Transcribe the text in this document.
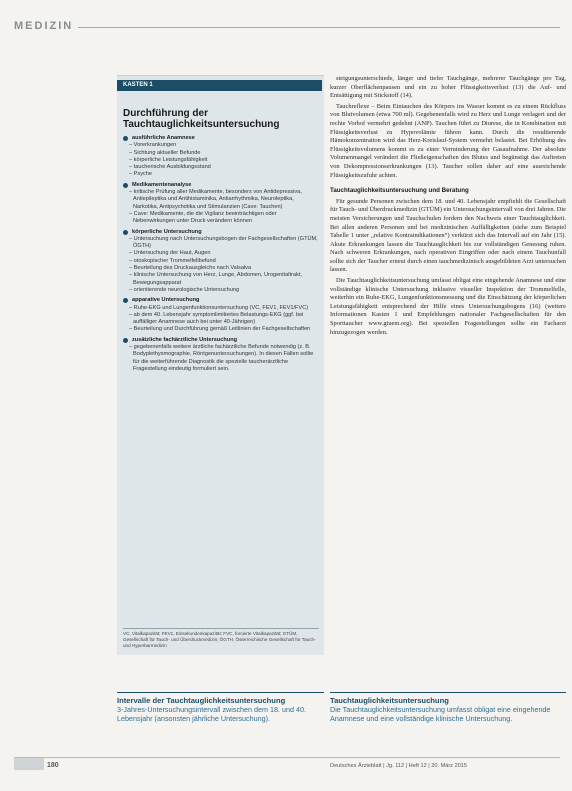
MEDIZIN
KASTEN 1
Durchführung der Tauchtauglichkeitsuntersuchung
ausführliche Anamnese
– Vorerkrankungen
– Sichtung aktueller Befunde
– körperliche Leistungsfähigkeit
– taucherische Ausbildungsstand
– Psyche
Medikamentenanalyse
– kritische Prüfung aller Medikamente, besonders von Antidepressiva, Antiepileptika und Antihistaminika, Antiarrhythmika, Neuroleptika, Narkotika, Antipsychotika und Stimulanzien (Cave: Tauchen)
– Cave: Medikamente, die die Vigilanz beeinträchtigen oder Nebenwirkungen unter Druck verändern können
körperliche Untersuchung
– Untersuchung nach Untersuchungsbogen der Fachgesellschaften (GTÜM, ÖGTH)
– Untersuchung der Haut, Augen
– otoskopischer Trommelfellbefund
– Beurteilung des Druckausgleichs nach Valsalva
– klinische Untersuchung von Herz, Lunge, Abdomen, Urogenitaltrakt, Bewegungsapparat
– orientierende neurologische Untersuchung
apparative Untersuchung
– Ruhe-EKG und Lungenfunktionsuntersuchung (VC, FEV1, FEV1/FVC)
– ab dem 40. Lebensjahr symptomlimitiertes Belastungs-EKG (ggf. bei auffälliger Anamnese auch bei unter 40-Jährigen)
– Beurteilung und Durchführung gemäß Leitlinien der Fachgesellschaften
zusätzliche fachärztliche Untersuchung
– gegebenenfalls weitere ärztliche fachärztliche Befunde notwendig (z. B. Bodyplethysmographie, Röntgenuntersuchungen). In diesen Fällen sollte für die weiterführende Diagnostik die spezielle taucherärztliche Fragestellung eindeutig formuliert sein.
VC, Vitalkapazität; FEV1, Einsekundenkapazität; FVC, forcierte Vitalkapazität; GTÜM, Gesellschaft für Tauch- und Überdruckmedizin; ÖGTH, Österreichische Gesellschaft für Tauch- und Hyperbarmedizin

steigungsunterschiede, länger und tiefer Tauchgänge, mehrerer Tauchgänge pro Tag, kurzer Oberflächenpausen und ein zu hoher Flüssigkeitsverlust (13) die Auf- und Entsättigung mit Stickstoff (14).

Tauchreflexe – Beim Eintauchen des Körpers ins Wasser kommt es zu einem Rückfluss von Blutvolumen (etwa 700 ml). Gegebenenfalls wird zu Herz und Lunge verlagert und der rechte Vorhof vermehrt gedehnt (ANP). Tauchen führt zu Diurese, die in Kombination mit Flüssigkeitsverlust zu Hypovolämie führen kann. Durch die resultierende Hämokonzentration wird das Herz-Kreislauf-System vermehrt belastet. Bei Erhöhung des Flüssigkeitsvolumens kommt es zu einer Verminderung der Gasaufnahme. Der absolute Volumenmangel verändert die Fließeigenschaften des Blutes und begünstigt das Auftreten von Dekompressionserkrankungen (13). Taucher sollen daher auf eine ausreichende Flüssigkeitszufuhr achten.

Tauchtauglichkeitsuntersuchung und Beratung

Für gesunde Personen zwischen dem 18. und 40. Lebensjahr empfiehlt die Gesellschaft für Tauch- und Überdruckmedizin (GTÜM) ein Untersuchungsintervall von drei Jahren. Die meisten Versicherungen und Tauchschulen fordern den Nachweis einer Tauchtauglichkeit. Bei allen anderen Personen und bei medizinischen Auffälligkeiten (siehe zum Beispiel Tabelle 1 unter „relative Kontraindikationen“) verkürzt sich das Intervall auf ein Jahr (15). Akute Erkrankungen lassen die Tauchtauglichkeit bis zur vollständigen Genesung ruhen. Nach schweren Erkrankungen, nach operativen Eingriffen oder nach einem Tauchunfall sollte sich der Taucher erneut durch einen tauchmedizinisch ausgebildeten Arzt untersuchen lassen.

Die Tauchtauglichkeitsuntersuchung umfasst obligat eine eingehende Anamnese und eine vollständige klinische Untersuchung inklusive visueller Inspektion der Trommelfelle, weiterhin ein Ruhe-EKG, Lungenfunktionsmessung und die Einschätzung der körperlichen Leistungsfähigkeit entsprechend der Hilfe eines Untersuchungsbogens (16) (weitere Informationen Kasten 1 und Empfehlungen nationaler Fachgesellschaften für den Sporttaucher www.gtuem.org). Bei speziellen Fragestellungen sollte ein Facharzt hinzugezogen werden.

Intervalle der Tauchtauglichkeitsuntersuchung
3-Jahres-Untersuchungsintervall zwischen dem 18. und 40. Lebensjahr (ansonsten jährliche Untersuchung).
Tauchtauglichkeitsuntersuchung
Die Tauchtauglichkeitsuntersuchung umfasst obligat eine eingehende Anamnese und eine vollständige klinische Untersuchung.
180	Deutsches Ärzteblatt | Jg. 112 | Heft 12 | 20. März 2015
